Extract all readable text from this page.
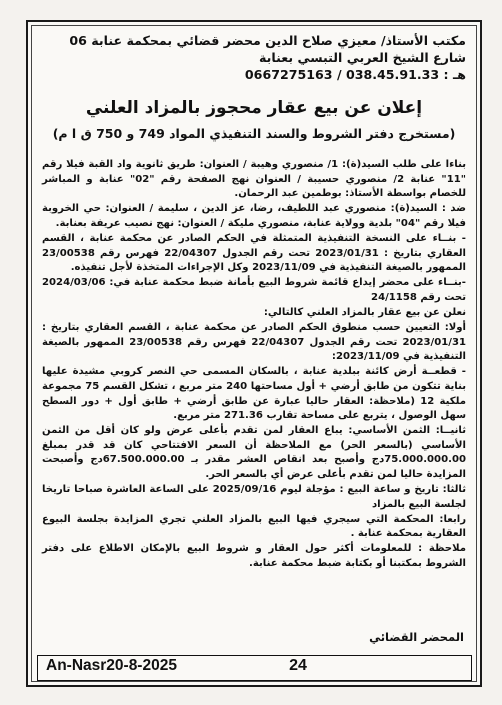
مكتب الأستاذ/ معيزي صلاح الدين محضر قضائي بمحكمة عنابة 06
شارع الشيخ العربي التبسي بعنابة
هـ : 038.45.91.33 / 0667275163
إعلان عن بيع عقار محجوز بالمزاد العلني
(مستخرج دفتر الشروط والسند التنفيذي المواد 749 و 750 ق ا م)

بناءا على طلب السيد(ة): 1/ منصوري وهيبة / العنوان: طريق ثانوية واد القبة فيلا رقم "11" عنابة 2/ منصوري حسيبة / العنوان نهج الصفحة رقم "02" عنابة و المباشر للخصام بواسطة الأستاذ: بوطمين عبد الرحمان.

ضد : السيد(ة): منصوري عبد اللطيف، رضا، عز الدين ، سليمة / العنوان: حي الخروبة فيلا رقم "04" بلدية وولاية عنابة، منصوري مليكة / العنوان: نهج نصيب عريفة بعنابة.

- بنــاء على النسخة التنفيذية المتمثلة في الحكم الصادر عن محكمة عنابة ، القسم العقاري بتاريخ : 2023/01/31 تحت رقم الجدول 22/04307 فهرس رقم 23/00538 الممهور بالصيغة التنفيذية في 2023/11/09 وكل الإجراءات المتخذة لأجل تنفيذه.

-بنــاء على محضر إيداع قائمة شروط البيع بأمانة ضبط محكمة عنابة في: 2024/03/06 تحت رقم 24/1158

نعلن عن بيع عقار بالمزاد العلني كالتالي:

أولا: التعيين حسب منطوق الحكم الصادر عن محكمة عنابة ، القسم العقاري بتاريخ : 2023/01/31 تحت رقم الجدول 22/04307 فهرس رقم 23/00538 الممهور بالصيغة التنفيذية في 2023/11/09:

- قطعــة أرض كائنة ببلدية عنابة ، بالسكان المسمى حي النصر كروبي مشيدة عليها بناية تتكون من طابق أرضي + أول مساحتها 240 متر مربع ، تشكل القسم 75 مجموعة ملكية 12 (ملاحظة: العقار حاليا عبارة عن طابق أرضي + طابق أول + دور السطح سهل الوصول ، يتربع على مساحة تقارب 271.36 متر مربع.

ثانيــا: الثمن الأساسي: يباع العقار لمن تقدم بأعلى عرض ولو كان أقل من الثمن الأساسي (بالسعر الحر) مع الملاحظة أن السعر الافتتاحي كان قد قدر بمبلغ 75.000.000.00دج وأصبح بعد انقاص العشر مقدر بـ 67.500.000.00دج وأصبحت المزايدة حاليا لمن تقدم بأعلى عرض أي بالسعر الحر.

ثالثا: تاريخ و ساعة البيع : مؤجلة ليوم 2025/09/16 على الساعة العاشرة صباحا تاريخا لجلسة البيع بالمزاد

رابعا: المحكمة التي سيجري فيها البيع بالمزاد العلني تجري المزايدة بجلسة البيوع العقارية بمحكمة عنابة .

ملاحظة : للمعلومات أكثر حول العقار و شروط البيع بالإمكان الاطلاع على دفتر الشروط بمكتبنا أو بكتابة ضبط محكمة عنابة.

المحضر القضائي
An-Nasr20-8-2025	24
